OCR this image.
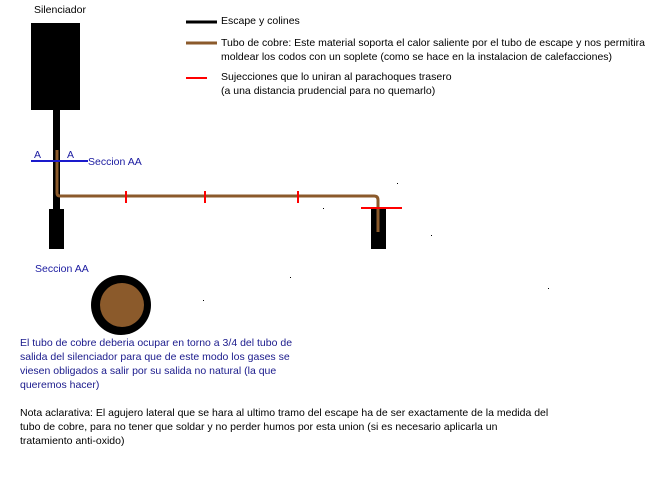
Silenciador
A A
Seccion AA
Seccion AA
Escape y colines
Tubo de cobre: Este material soporta el calor saliente por el tubo de escape y nos permitira
moldear los codos con un soplete (como se hace en la instalacion de calefacciones)
Sujecciones que lo uniran al parachoques trasero
(a una distancia prudencial para no quemarlo)
El tubo de cobre deberia ocupar en torno a 3/4 del tubo de
salida del silenciador para que de este modo los gases se
viesen obligados a salir por su salida no natural (la que
queremos hacer)
Nota aclarativa: El agujero lateral que se hara al ultimo tramo del escape ha de ser exactamente de la medida del
tubo de cobre, para no tener que soldar y no perder humos por esta union (si es necesario aplicarla un
tratamiento anti-oxido)
